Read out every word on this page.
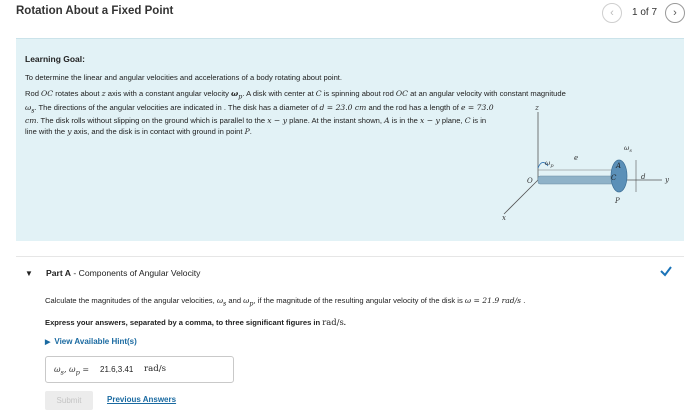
Rotation About a Fixed Point	‹	1 of 7	›
Learning Goal:
To determine the linear and angular velocities and accelerations of a body rotating about point.
Rod OC rotates about z axis with a constant angular velocity $\omega_p$. A disk with center at C is spinning about rod OC at an angular velocity with constant magnitude

$\omega_s$. The directions of the angular velocities are indicated in . The disk has a diameter of d = 23.0 cm and the rod has a length of e = 73.0 cm. The disk rolls without slipping on the ground which is parallel to the x − y plane. At the instant shown, A is in the x − y plane, C is in line with the y axis, and the disk is in contact with ground in point P.
z
x
y
O
$\omega_p$
e
$\omega_s$
A
C	d
P
▼ Part A - Components of Angular Velocity
Calculate the magnitudes of the angular velocities, $\omega_s$ and $\omega_p$, if the magnitude of the resulting angular velocity of the disk is ω = 21.9 rad/s .
Express your answers, separated by a comma, to three significant figures in rad/s.
▶ View Available Hint(s)
$\omega_s$, $\omega_p = 21.6,3.41$ rad/s
Submit	Previous Answers
